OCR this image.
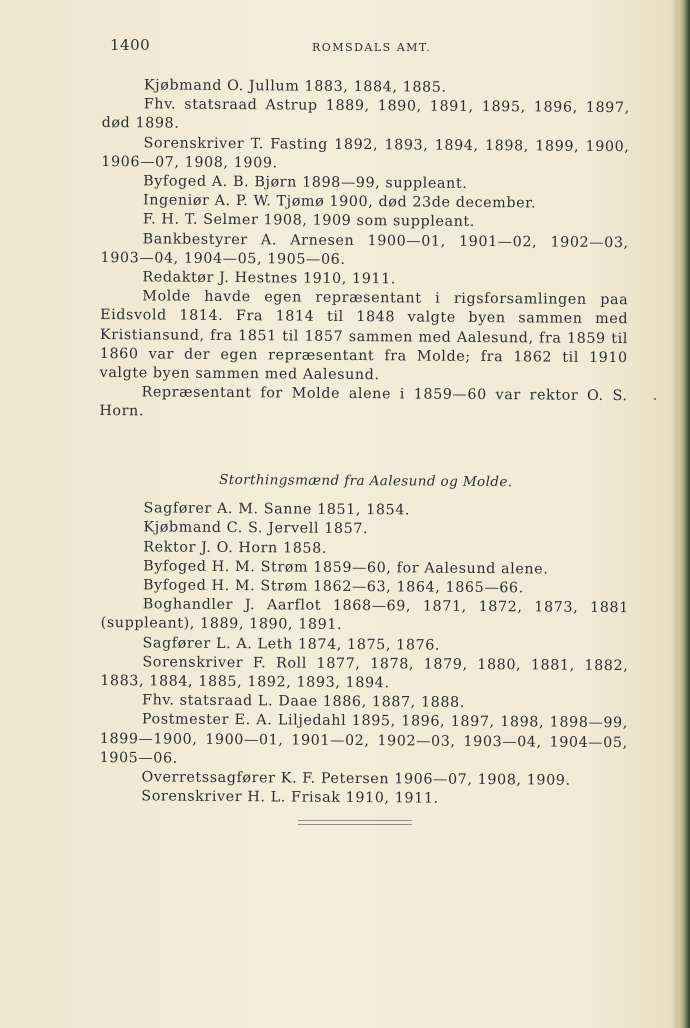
1400	ROMSDALS AMT.

Kjøbmand O. Jullum 1883, 1884, 1885.

Fhv. statsraad Astrup 1889, 1890, 1891, 1895, 1896, 1897, død 1898.

Sorenskriver T. Fasting 1892, 1893, 1894, 1898, 1899, 1900, 1906—07, 1908, 1909.

Byfoged A. B. Bjørn 1898—99, suppleant.

Ingeniør A. P. W. Tjømø 1900, død 23de december.

F. H. T. Selmer 1908, 1909 som suppleant.

Bankbestyrer A. Arnesen 1900—01, 1901—02, 1902—03, 1903—04, 1904—05, 1905—06.

Redaktør J. Hestnes 1910, 1911.

Molde havde egen repræsentant i rigsforsamlingen paa Eidsvold 1814. Fra 1814 til 1848 valgte byen sammen med Kristiansund, fra 1851 til 1857 sammen med Aalesund, fra 1859 til 1860 var der egen repræsentant fra Molde; fra 1862 til 1910 valgte byen sammen med Aalesund.

Repræsentant for Molde alene i 1859—60 var rektor O. S. Horn.

Storthingsmænd fra Aalesund og Molde.

Sagfører A. M. Sanne 1851, 1854.

Kjøbmand C. S. Jervell 1857.

Rektor J. O. Horn 1858.

Byfoged H. M. Strøm 1859—60, for Aalesund alene.

Byfoged H. M. Strøm 1862—63, 1864, 1865—66.

Boghandler J. Aarflot 1868—69, 1871, 1872, 1873, 1881 (suppleant), 1889, 1890, 1891.

Sagfører L. A. Leth 1874, 1875, 1876.

Sorenskriver F. Roll 1877, 1878, 1879, 1880, 1881, 1882, 1883, 1884, 1885, 1892, 1893, 1894.

Fhv. statsraad L. Daae 1886, 1887, 1888.

Postmester E. A. Liljedahl 1895, 1896, 1897, 1898, 1898—99, 1899—1900, 1900—01, 1901—02, 1902—03, 1903—04, 1904—05, 1905—06.

Overretssagfører K. F. Petersen 1906—07, 1908, 1909.

Sorenskriver H. L. Frisak 1910, 1911.
